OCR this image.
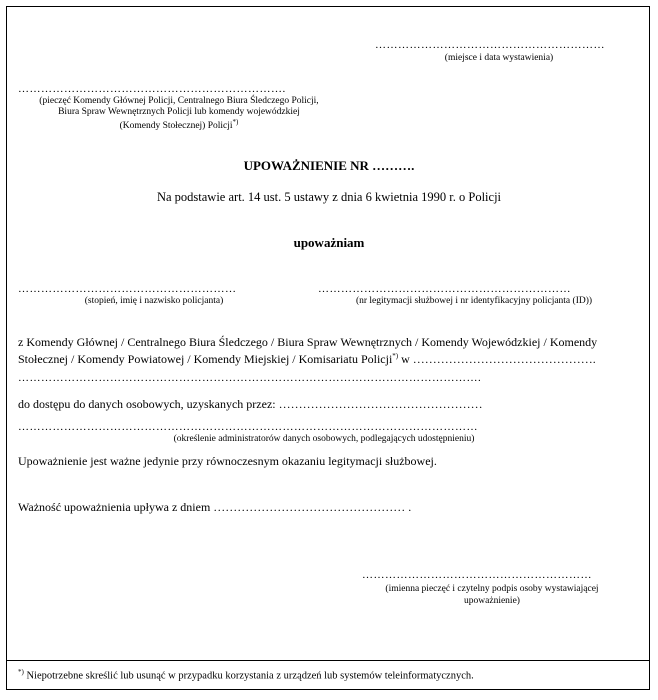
……………………………………………………
(miejsce i data wystawienia)
…………………………………………………………….
(pieczęć Komendy Głównej Policji, Centralnego Biura Śledczego Policji,
Biura Spraw Wewnętrznych Policji lub komendy wojewódzkiej
(Komendy Stołecznej) Policji*)
UPOWAŻNIENIE NR ……….
Na podstawie art. 14 ust. 5 ustawy z dnia 6 kwietnia 1990 r. o Policji
upoważniam
…………………………………………………
(stopień, imię i nazwisko policjanta)
…………………………………………………………
(nr legitymacji służbowej i nr identyfikacyjny policjanta (ID))
z Komendy Głównej / Centralnego Biura Śledczego / Biura Spraw Wewnętrznych / Komendy Wojewódzkiej / Komendy
Stołecznej / Komendy Powiatowej / Komendy Miejskiej / Komisariatu Policji*) w ……………………………………….
………………………………………………………………………………………………………….
do dostępu do danych osobowych, uzyskanych przez: ……………………………………………
…………………………………………………………………………………………………………
(określenie administratorów danych osobowych, podlegających udostępnieniu)
Upoważnienie jest ważne jedynie przy równoczesnym okazaniu legitymacji służbowej.
Ważność upoważnienia upływa z dniem ………………………………………… .
……………………………………………………
(imienna pieczęć i czytelny podpis osoby wystawiającej
upoważnienie)
*) Niepotrzebne skreślić lub usunąć w przypadku korzystania z urządzeń lub systemów teleinformatycznych.
